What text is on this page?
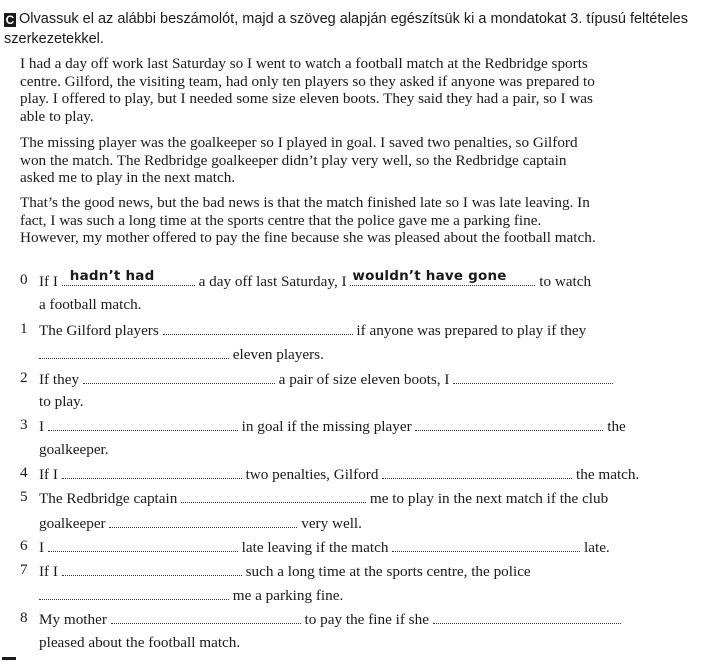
C Olvassuk el az alábbi beszámolót, majd a szöveg alapján egészítsük ki a mondatokat 3. típusú feltételes szerkezetekkel.
I had a day off work last Saturday so I went to watch a football match at the Redbridge sports centre. Gilford, the visiting team, had only ten players so they asked if anyone was prepared to play. I offered to play, but I needed some size eleven boots. They said they had a pair, so I was able to play.
The missing player was the goalkeeper so I played in goal. I saved two penalties, so Gilford won the match. The Redbridge goalkeeper didn’t play very well, so the Redbridge captain asked me to play in the next match.
That’s the good news, but the bad news is that the match finished late so I was late leaving. In fact, I was such a long time at the sports centre that the police gave me a parking fine. However, my mother offered to pay the fine because she was pleased about the football match.
0 If I hadn’t had	a day off last Saturday, I wouldn’t have gone to watch
a football match.
1 The Gilford players	if anyone was prepared to play if they
eleven players.
2 If they	a pair of size eleven boots, I
to play.
3 I	in goal if the missing player	the
goalkeeper.
4 If I	two penalties, Gilford	the match.
5 The Redbridge captain	me to play in the next match if the club
goalkeeper	very well.
6 I	late leaving if the match	late.
7 If I	such a long time at the sports centre, the police
me a parking fine.
8 My mother	to pay the fine if she
pleased about the football match.
